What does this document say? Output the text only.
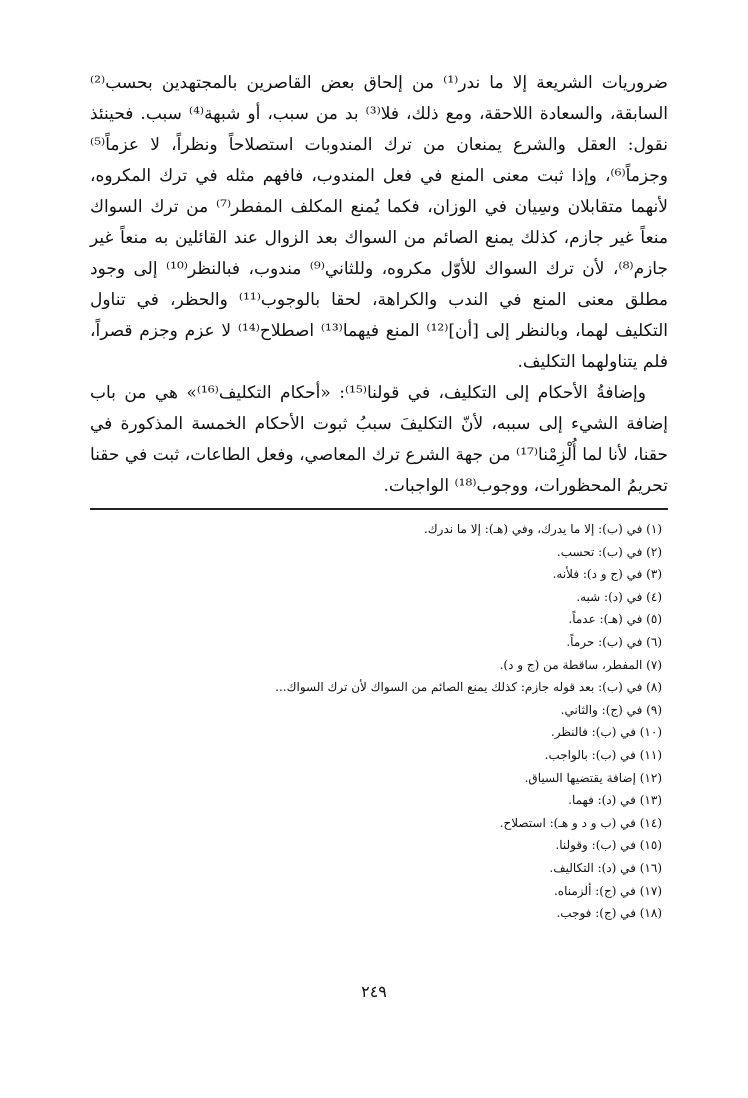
ضروريات الشريعة إلا ما ندر⁽¹⁾ من إلحاق بعض القاصرين بالمجتهدين بحسب⁽²⁾ السابقة، والسعادة اللاحقة، ومع ذلك، فلا⁽³⁾ بد من سبب، أو شبهة⁽⁴⁾ سبب. فحينئذ نقول: العقل والشرع يمنعان من ترك المندوبات استصلاحاً ونظراً، لا عزماً⁽⁵⁾ وجزماً⁽⁶⁾، وإذا ثبت معنى المنع في فعل المندوب، فافهم مثله في ترك المكروه، لأنهما متقابلان وسِيان في الوزان، فكما يُمنع المكلف المفطر⁽⁷⁾ من ترك السواك منعاً غير جازم، كذلك يمنع الصائم من السواك بعد الزوال عند القائلين به منعاً غير جازم⁽⁸⁾، لأن ترك السواك للأوّل مكروه، وللثاني⁽⁹⁾ مندوب، فبالنظر⁽¹⁰⁾ إلى وجود مطلق معنى المنع في الندب والكراهة، لحقا بالوجوب⁽¹¹⁾ والحظر، في تناول التكليف لهما، وبالنظر إلى [أن]⁽¹²⁾ المنع فيهما⁽¹³⁾ اصطلاح⁽¹⁴⁾ لا عزم وجزم قصراً، فلم يتناولهما التكليف.

وإضافةُ الأحكام إلى التكليف، في قولنا⁽¹⁵⁾: «أحكام التكليف⁽¹⁶⁾» هي من باب إضافة الشيء إلى سببه، لأنّ التكليفَ سببُ ثبوت الأحكام الخمسة المذكورة في حقنا، لأنا لما أُلْزِمْنا⁽¹⁷⁾ من جهة الشرع ترك المعاصي، وفعل الطاعات، ثبت في حقنا تحريمُ المحظورات، ووجوب⁽¹⁸⁾ الواجبات.

(١) في (ب): إلا ما يدرك، وفي (هـ): إلا ما ندرك.
(٢) في (ب): تحسب.
(٣) في (ج و د): فلأنه.
(٤) في (د): شبه.
(٥) في (هـ): عدماً.
(٦) في (ب): حرماً.
(٧) المفطر، ساقطة من (ج و د).
(٨) في (ب): بعد قوله جازم: كذلك يمنع الصائم من السواك لأن ترك السواك...
(٩) في (ج): والثاني.
(١٠) في (ب): فالنظر.
(١١) في (ب): بالواجب.
(١٢) إضافة يقتضيها السياق.
(١٣) في (د): فهما.
(١٤) في (ب و د و هـ): استصلاح.
(١٥) في (ب): وقولنا.
(١٦) في (د): التكاليف.
(١٧) في (ج): ألزمناه.
(١٨) في (ج): فوجب.
٢٤٩
